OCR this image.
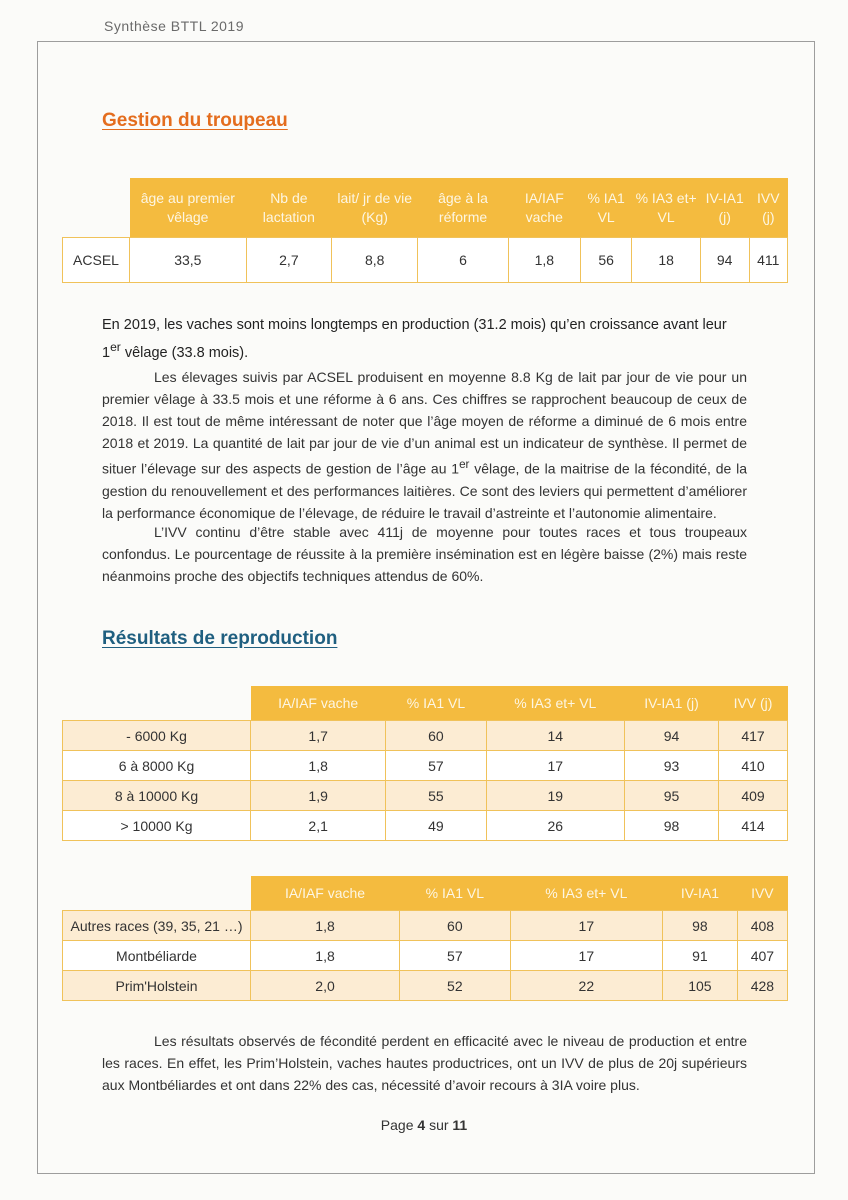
Synthèse BTTL 2019
Gestion du troupeau
	âge au premier vêlage	Nb de lactation	lait/ jr de vie (Kg)	âge à la réforme	IA/IAF vache	% IA1 VL	% IA3 et+ VL	IV-IA1 (j)	IVV (j)
ACSEL	33,5	2,7	8,8	6	1,8	56	18	94	411

En 2019, les vaches sont moins longtemps en production (31.2 mois) qu’en croissance avant leur 1er vêlage (33.8 mois).

Les élevages suivis par ACSEL produisent en moyenne 8.8 Kg de lait par jour de vie pour un premier vêlage à 33.5 mois et une réforme à 6 ans. Ces chiffres se rapprochent beaucoup de ceux de 2018. Il est tout de même intéressant de noter que l’âge moyen de réforme a diminué de 6 mois entre 2018 et 2019. La quantité de lait par jour de vie d’un animal est un indicateur de synthèse. Il permet de situer l’élevage sur des aspects de gestion de l’âge au 1er vêlage, de la maitrise de la fécondité, de la gestion du renouvellement et des performances laitières. Ce sont des leviers qui permettent d’améliorer la performance économique de l’élevage, de réduire le travail d’astreinte et l’autonomie alimentaire.

L’IVV continu d’être stable avec 411j de moyenne pour toutes races et tous troupeaux confondus. Le pourcentage de réussite à la première insémination est en légère baisse (2%) mais reste néanmoins proche des objectifs techniques attendus de 60%.

Résultats de reproduction
	IA/IAF vache	% IA1 VL	% IA3 et+ VL	IV-IA1 (j)	IVV (j)
- 6000 Kg	1,7	60	14	94	417
6 à 8000 Kg	1,8	57	17	93	410
8 à 10000 Kg	1,9	55	19	95	409
> 10000 Kg	2,1	49	26	98	414
	IA/IAF vache	% IA1 VL	% IA3 et+ VL	IV-IA1	IVV
Autres races (39, 35, 21 …)	1,8	60	17	98	408
Montbéliarde	1,8	57	17	91	407
Prim'Holstein	2,0	52	22	105	428

Les résultats observés de fécondité perdent en efficacité avec le niveau de production et entre les races. En effet, les Prim’Holstein, vaches hautes productrices, ont un IVV de plus de 20j supérieurs aux Montbéliardes et ont dans 22% des cas, nécessité d’avoir recours à 3IA voire plus.

Page 4 sur 11
